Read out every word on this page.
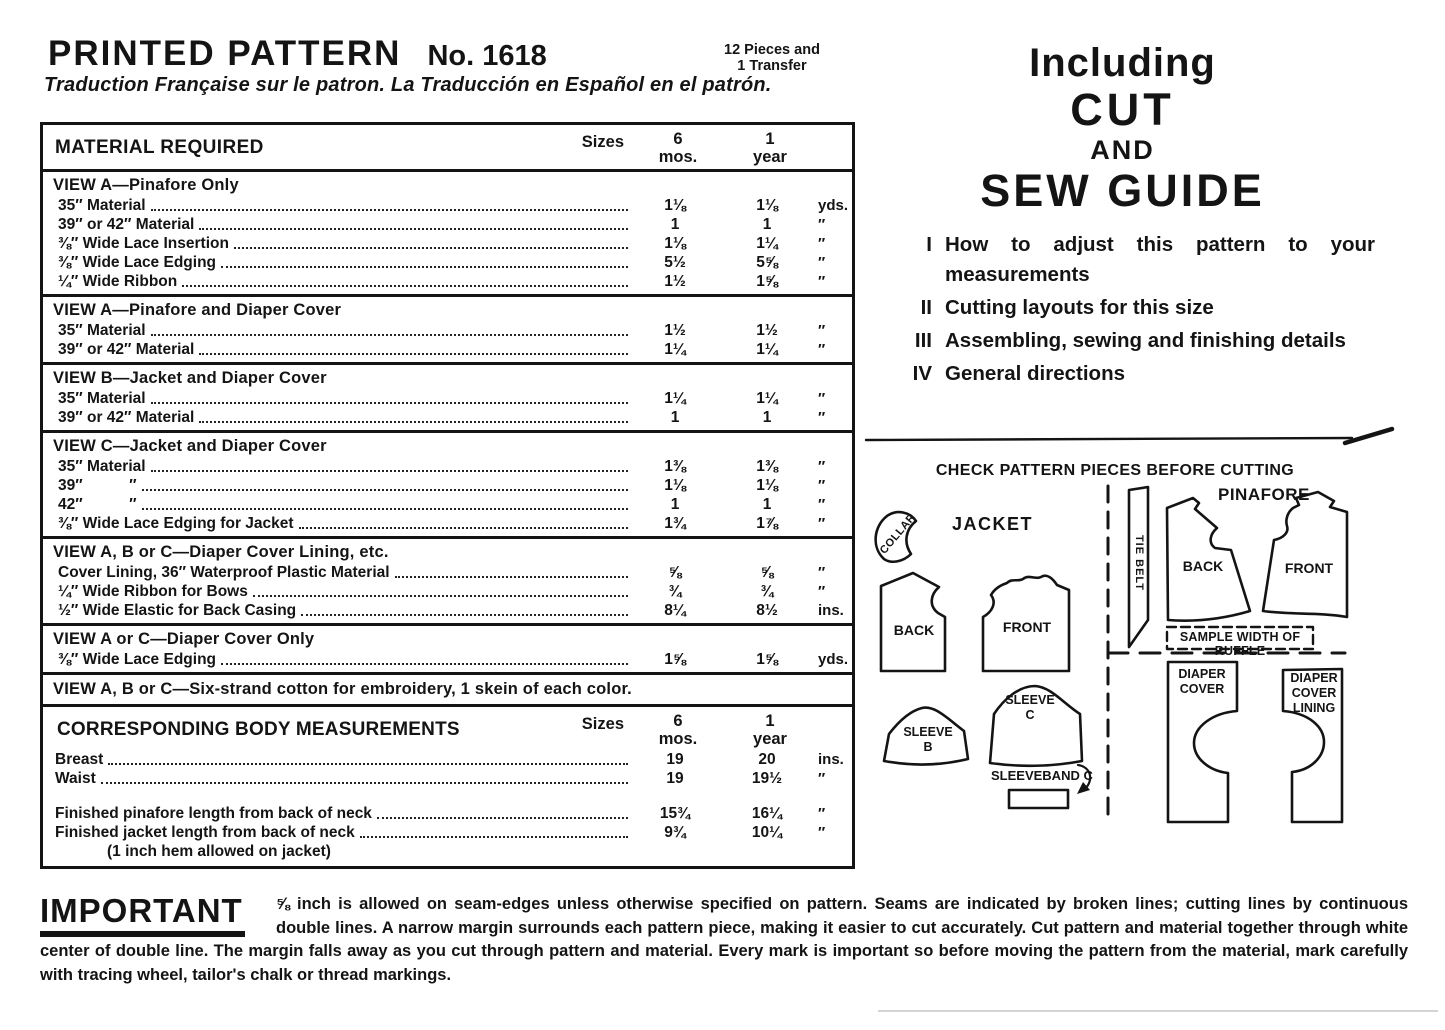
PRINTED PATTERN No. 1618	12 Pieces and
1 Transfer
Traduction Française sur le patron. La Traducción en Español en el patrón.
MATERIAL REQUIRED	Sizes	6
mos.
1
year
VIEW A—Pinafore Only
35″ Material	1⅛	1⅛	yds.
39″ or 42″ Material	1	1	″
⅜″ Wide Lace Insertion	1⅛	1¼	″
⅜″ Wide Lace Edging	5½	5⅝	″
¼″ Wide Ribbon	1½	1⅝	″
VIEW A—Pinafore and Diaper Cover
35″ Material	1½	1½	″
39″ or 42″ Material	1¼	1¼	″
VIEW B—Jacket and Diaper Cover
35″ Material	1¼	1¼	″
39″ or 42″ Material	1	1	″
VIEW C—Jacket and Diaper Cover
35″ Material	1⅜	1⅜	″
39″   ″	1⅛	1⅛	″
42″   ″	1	1	″
⅜″ Wide Lace Edging for Jacket	1¾	1⅞	″
VIEW A, B or C—Diaper Cover Lining, etc.
Cover Lining, 36″ Waterproof Plastic Material	⅝	⅝	″
¼″ Wide Ribbon for Bows	¾	¾	″
½″ Wide Elastic for Back Casing	8¼	8½	ins.
VIEW A or C—Diaper Cover Only
⅜″ Wide Lace Edging	1⅝	1⅝	yds.
VIEW A, B or C—Six-strand cotton for embroidery, 1 skein of each color.
CORRESPONDING BODY MEASUREMENTS	Sizes	6
mos.
1
year
Breast	19	20	ins.
Waist	19	19½	″
Finished pinafore length from back of neck	15¾	16¼	″
Finished jacket length from back of neck	9¾	10¼	″
(1 inch hem allowed on jacket)
Including
CUT
AND
SEW GUIDE
I How to adjust this pattern to your measurements
II Cutting layouts for this size
III Assembling, sewing and finishing details
IV General directions
CHECK PATTERN PIECES BEFORE CUTTING
JACKET
COLLAR
BACK	FRONT
SLEEVE
B
SLEEVE
C
SLEEVEBAND C
TIE BELT
PINAFORE
BACK	FRONT
SAMPLE WIDTH OF RUFFLE
DIAPER
COVER
DIAPER
COVER
LINING
IMPORTANT	⅝ inch is allowed on seam-edges unless otherwise specified on pattern. Seams are indicated by broken lines; cutting lines by continuous double lines. A narrow margin surrounds each pattern piece, making it easier to cut accurately. Cut pattern and material together through white center of double line. The margin falls away as you cut through pattern and material. Every mark is important so before moving the pattern from the material, mark carefully with tracing wheel, tailor's chalk or thread markings.
